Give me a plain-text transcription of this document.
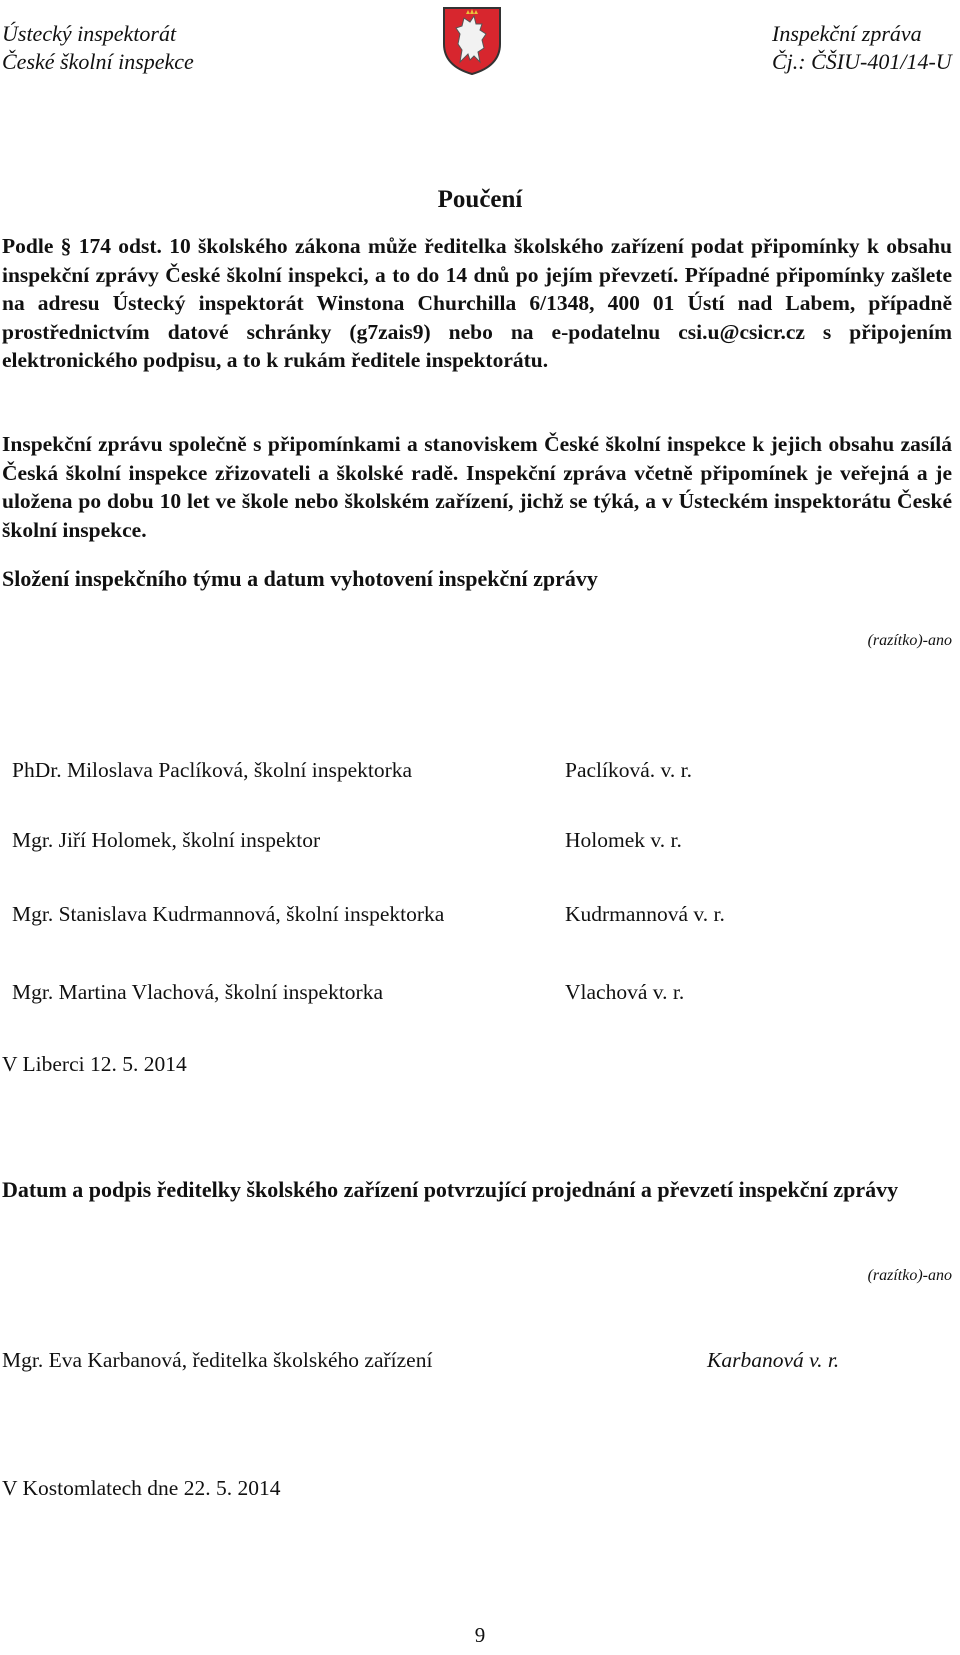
Ústecký inspektorát
České školní inspekce
Inspekční zpráva
Čj.: ČŠIU-401/14-U
Poučení
Podle § 174 odst. 10 školského zákona může ředitelka školského zařízení podat připomínky k obsahu inspekční zprávy České školní inspekci, a to do 14 dnů po jejím převzetí. Případné připomínky zašlete na adresu Ústecký inspektorát Winstona Churchilla 6/1348, 400 01 Ústí nad Labem, případně prostřednictvím datové schránky (g7zais9) nebo na e-podatelnu csi.u@csicr.cz s připojením elektronického podpisu, a to k rukám ředitele inspektorátu.
Inspekční zprávu společně s připomínkami a stanoviskem České školní inspekce k jejich obsahu zasílá Česká školní inspekce zřizovateli a školské radě. Inspekční zpráva včetně připomínek je veřejná a je uložena po dobu 10 let ve škole nebo školském zařízení, jichž se týká, a v Ústeckém inspektorátu České školní inspekce.
Složení inspekčního týmu a datum vyhotovení inspekční zprávy
(razítko)-ano
PhDr. Miloslava Paclíková, školní inspektorka	Paclíková. v. r.
Mgr. Jiří Holomek, školní inspektor	Holomek v. r.
Mgr. Stanislava Kudrmannová, školní inspektorka	Kudrmannová v. r.
Mgr. Martina Vlachová, školní inspektorka	Vlachová v. r.
V Liberci 12. 5. 2014
Datum a podpis ředitelky školského zařízení potvrzující projednání a převzetí inspekční zprávy
(razítko)-ano
Mgr. Eva Karbanová, ředitelka školského zařízení	Karbanová v. r.
V Kostomlatech dne 22. 5. 2014
9
